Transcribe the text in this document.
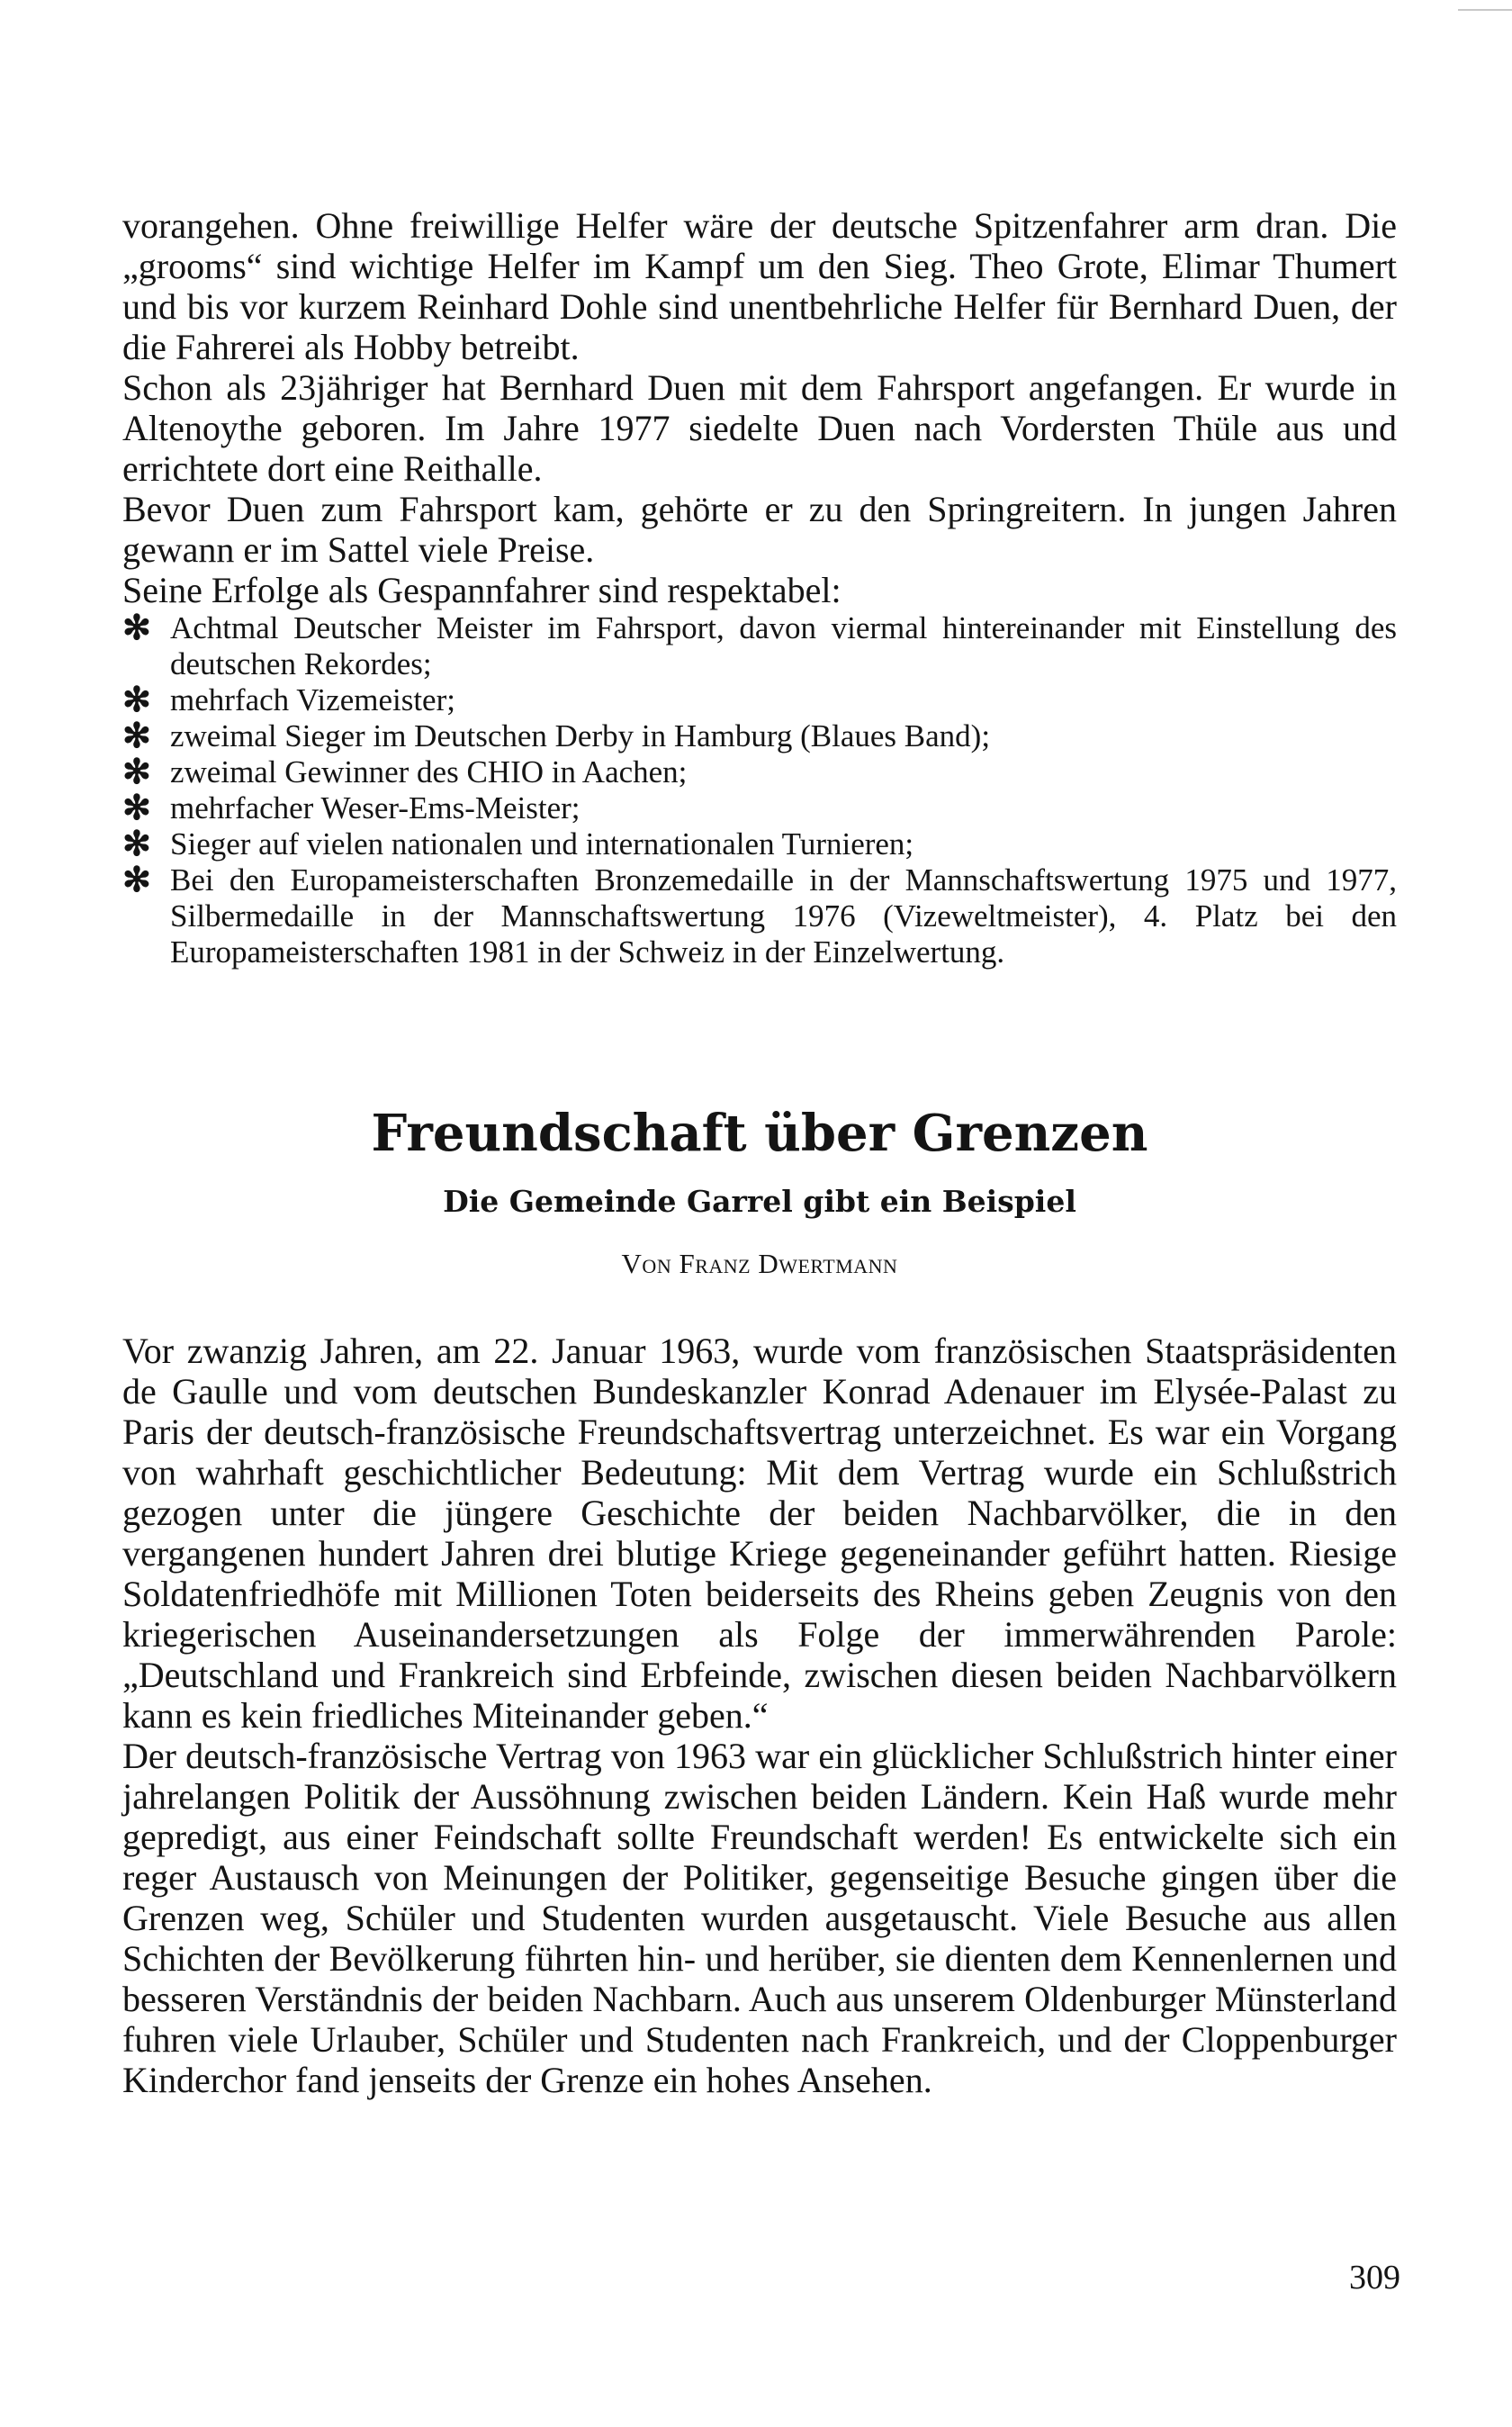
vorangehen. Ohne freiwillige Helfer wäre der deutsche Spitzenfahrer arm dran. Die „grooms“ sind wichtige Helfer im Kampf um den Sieg. Theo Grote, Elimar Thumert und bis vor kurzem Reinhard Dohle sind unentbehrliche Helfer für Bernhard Duen, der die Fahrerei als Hobby betreibt.

Schon als 23jähriger hat Bernhard Duen mit dem Fahrsport angefangen. Er wurde in Altenoythe geboren. Im Jahre 1977 siedelte Duen nach Vordersten Thüle aus und errichtete dort eine Reithalle.

Bevor Duen zum Fahrsport kam, gehörte er zu den Springreitern. In jungen Jahren gewann er im Sattel viele Preise.

Seine Erfolge als Gespannfahrer sind respektabel:

✻ Achtmal Deutscher Meister im Fahrsport, davon viermal hintereinander mit Einstellung des deutschen Rekordes;
✻ mehrfach Vizemeister;
✻ zweimal Sieger im Deutschen Derby in Hamburg (Blaues Band);
✻ zweimal Gewinner des CHIO in Aachen;
✻ mehrfacher Weser-Ems-Meister;
✻ Sieger auf vielen nationalen und internationalen Turnieren;
✻ Bei den Europameisterschaften Bronzemedaille in der Mannschaftswertung 1975 und 1977, Silbermedaille in der Mannschaftswertung 1976 (Vizeweltmeister), 4. Platz bei den Europameisterschaften 1981 in der Schweiz in der Einzelwertung.
Freundschaft über Grenzen
Die Gemeinde Garrel gibt ein Beispiel

Von Franz Dwertmann

Vor zwanzig Jahren, am 22. Januar 1963, wurde vom französischen Staatspräsidenten de Gaulle und vom deutschen Bundeskanzler Konrad Adenauer im Elysée-Palast zu Paris der deutsch-französische Freundschaftsvertrag unterzeichnet. Es war ein Vorgang von wahrhaft geschichtlicher Bedeutung: Mit dem Vertrag wurde ein Schlußstrich gezogen unter die jüngere Geschichte der beiden Nachbarvölker, die in den vergangenen hundert Jahren drei blutige Kriege gegeneinander geführt hatten. Riesige Soldatenfriedhöfe mit Millionen Toten beiderseits des Rheins geben Zeugnis von den kriegerischen Auseinandersetzungen als Folge der immerwährenden Parole: „Deutschland und Frankreich sind Erbfeinde, zwischen diesen beiden Nachbarvölkern kann es kein friedliches Miteinander geben.“

Der deutsch-französische Vertrag von 1963 war ein glücklicher Schlußstrich hinter einer jahrelangen Politik der Aussöhnung zwischen beiden Ländern. Kein Haß wurde mehr gepredigt, aus einer Feindschaft sollte Freundschaft werden! Es entwickelte sich ein reger Austausch von Meinungen der Politiker, gegenseitige Besuche gingen über die Grenzen weg, Schüler und Studenten wurden ausgetauscht. Viele Besuche aus allen Schichten der Bevölkerung führten hin- und herüber, sie dienten dem Kennenlernen und besseren Verständnis der beiden Nachbarn. Auch aus unserem Oldenburger Münsterland fuhren viele Urlauber, Schüler und Studenten nach Frankreich, und der Cloppenburger Kinderchor fand jenseits der Grenze ein hohes Ansehen.

309
